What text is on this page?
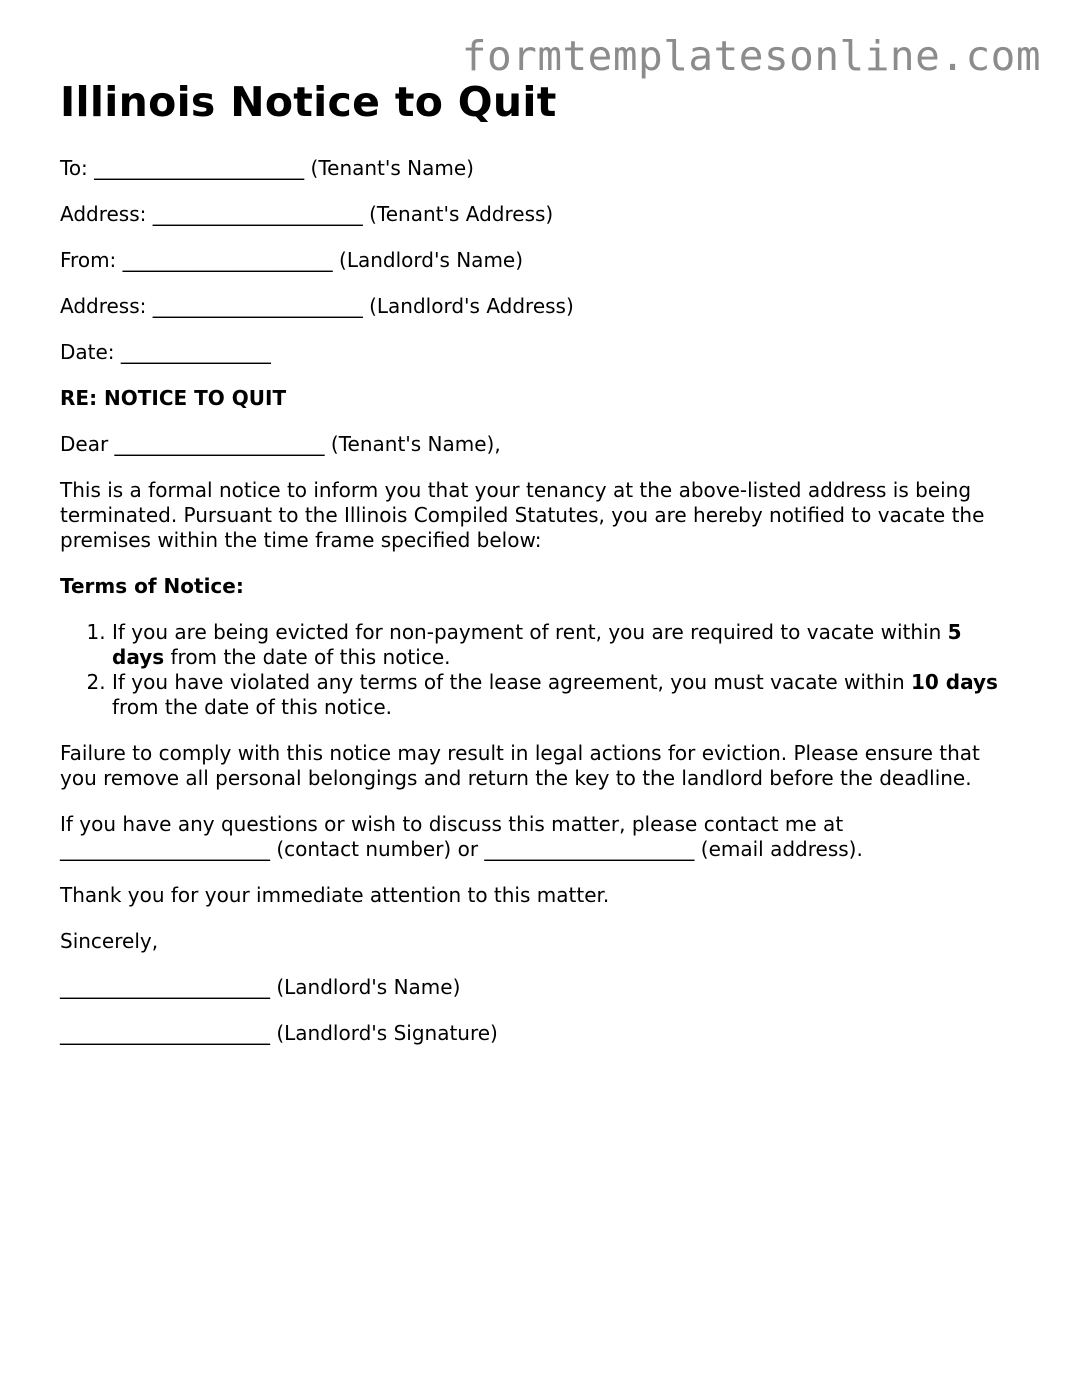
formtemplatesonline.com
Illinois Notice to Quit

To: _____________________ (Tenant's Name)

Address: _____________________ (Tenant's Address)

From: _____________________ (Landlord's Name)

Address: _____________________ (Landlord's Address)

Date: _______________

RE: NOTICE TO QUIT

Dear _____________________ (Tenant's Name),

This is a formal notice to inform you that your tenancy at the above-listed address is being terminated. Pursuant to the Illinois Compiled Statutes, you are hereby notified to vacate the premises within the time frame specified below:

Terms of Notice:

1. If you are being evicted for non-payment of rent, you are required to vacate within 5 days from the date of this notice.
2. If you have violated any terms of the lease agreement, you must vacate within 10 days from the date of this notice.

Failure to comply with this notice may result in legal actions for eviction. Please ensure that you remove all personal belongings and return the key to the landlord before the deadline.

If you have any questions or wish to discuss this matter, please contact me at
_____________________ (contact number) or _____________________ (email address).

Thank you for your immediate attention to this matter.

Sincerely,

_____________________ (Landlord's Name)

_____________________ (Landlord's Signature)
